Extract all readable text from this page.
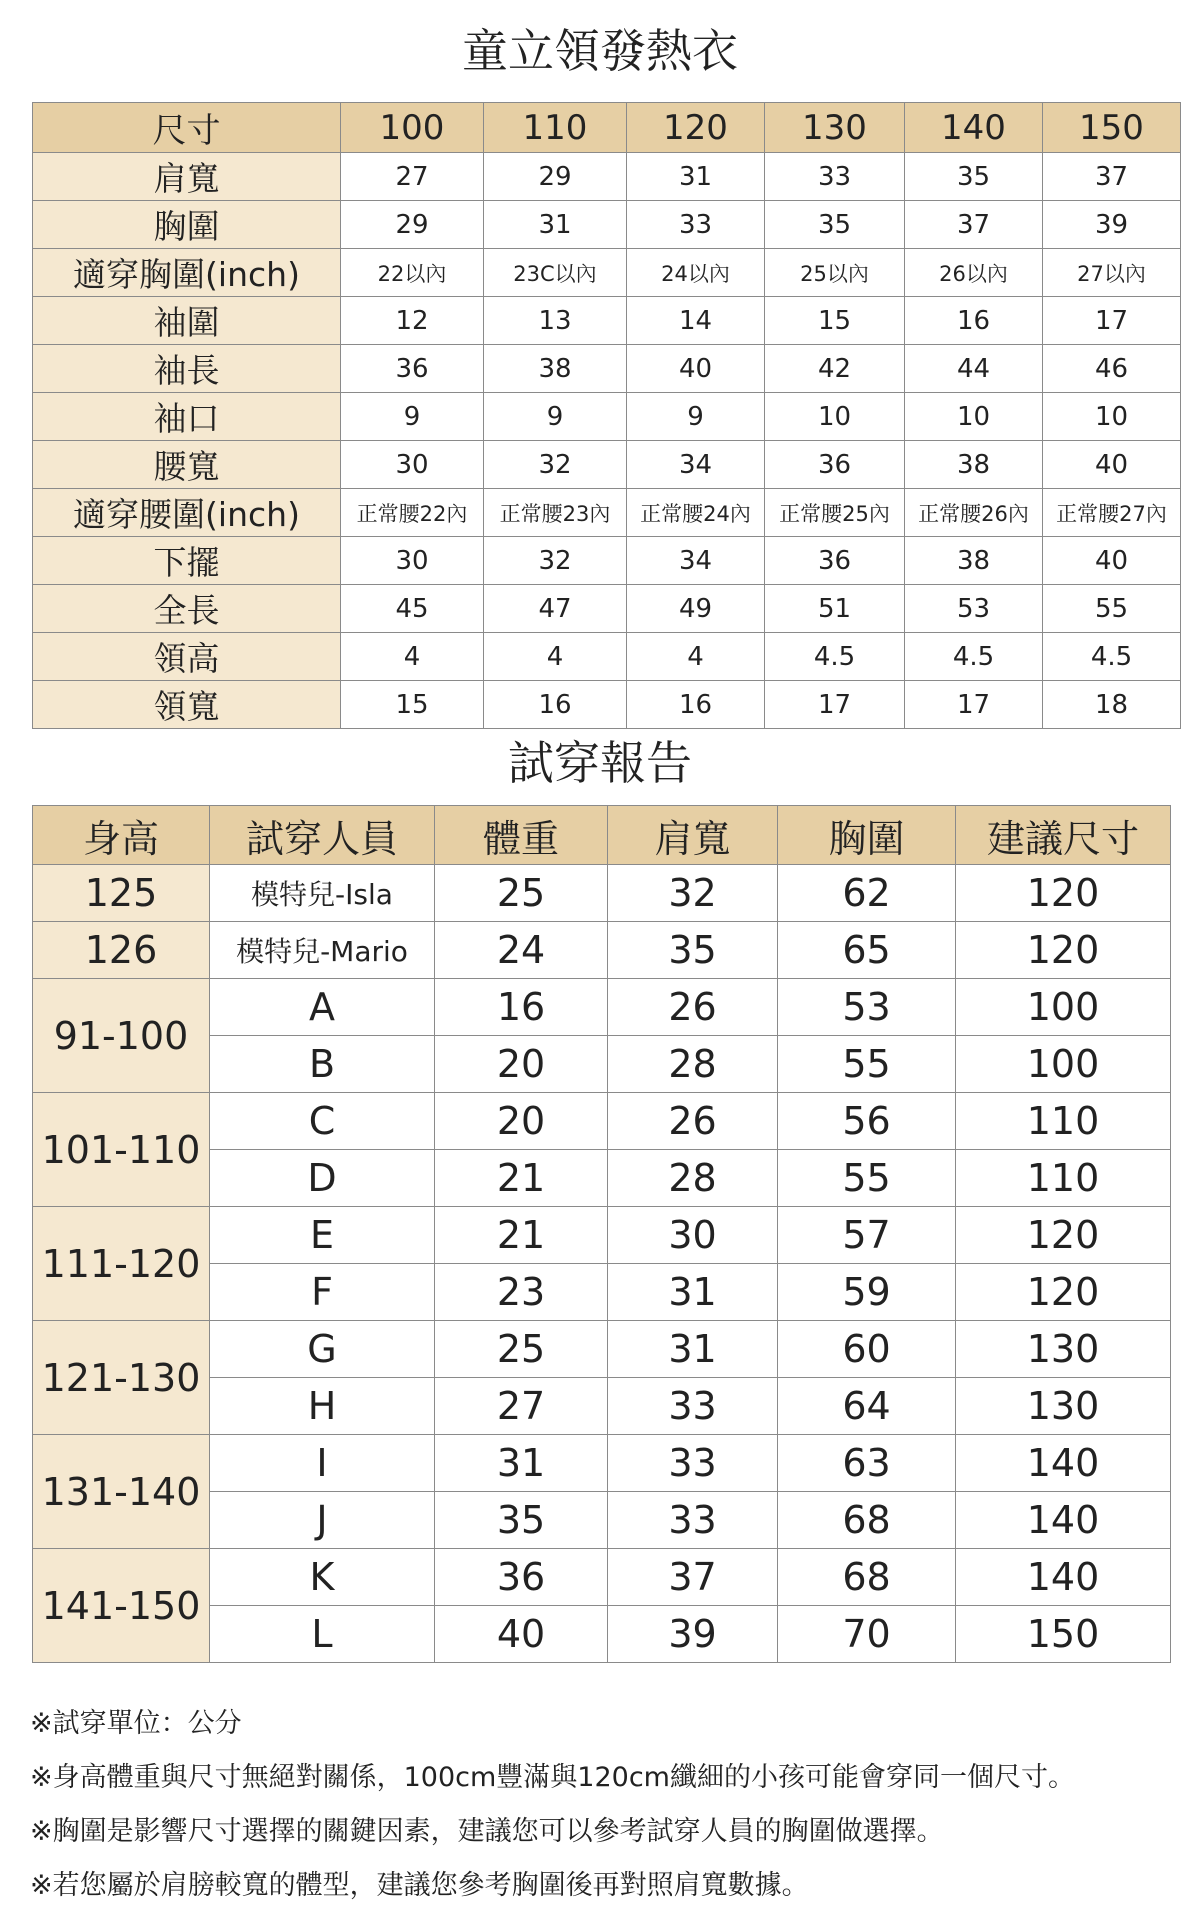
童立領發熱衣
尺寸	100	110	120	130	140	150
肩寬	27	29	31	33	35	37
胸圍	29	31	33	35	37	39
適穿胸圍(inch)	22以內	23C以內	24以內	25以內	26以內	27以內
袖圍	12	13	14	15	16	17
袖長	36	38	40	42	44	46
袖口	9	9	9	10	10	10
腰寬	30	32	34	36	38	40
適穿腰圍(inch)	正常腰22內	正常腰23內	正常腰24內	正常腰25內	正常腰26內	正常腰27內
下擺	30	32	34	36	38	40
全長	45	47	49	51	53	55
領高	4	4	4	4.5	4.5	4.5
領寬	15	16	16	17	17	18
試穿報告
身高	試穿人員	體重	肩寬	胸圍	建議尺寸
125	模特兒-Isla	25	32	62	120
126	模特兒-Mario	24	35	65	120
91-100	A	16	26	53	100
	B	20	28	55	100
101-110	C	20	26	56	110
	D	21	28	55	110
111-120	E	21	30	57	120
	F	23	31	59	120
121-130	G	25	31	60	130
	H	27	33	64	130
131-140	I	31	33	63	140
	J	35	33	68	140
141-150	K	36	37	68	140
	L	40	39	70	150
※試穿單位：公分
※身高體重與尺寸無絕對關係，100cm豐滿與120cm纖細的小孩可能會穿同一個尺寸。
※胸圍是影響尺寸選擇的關鍵因素，建議您可以參考試穿人員的胸圍做選擇。
※若您屬於肩膀較寬的體型，建議您參考胸圍後再對照肩寬數據。
